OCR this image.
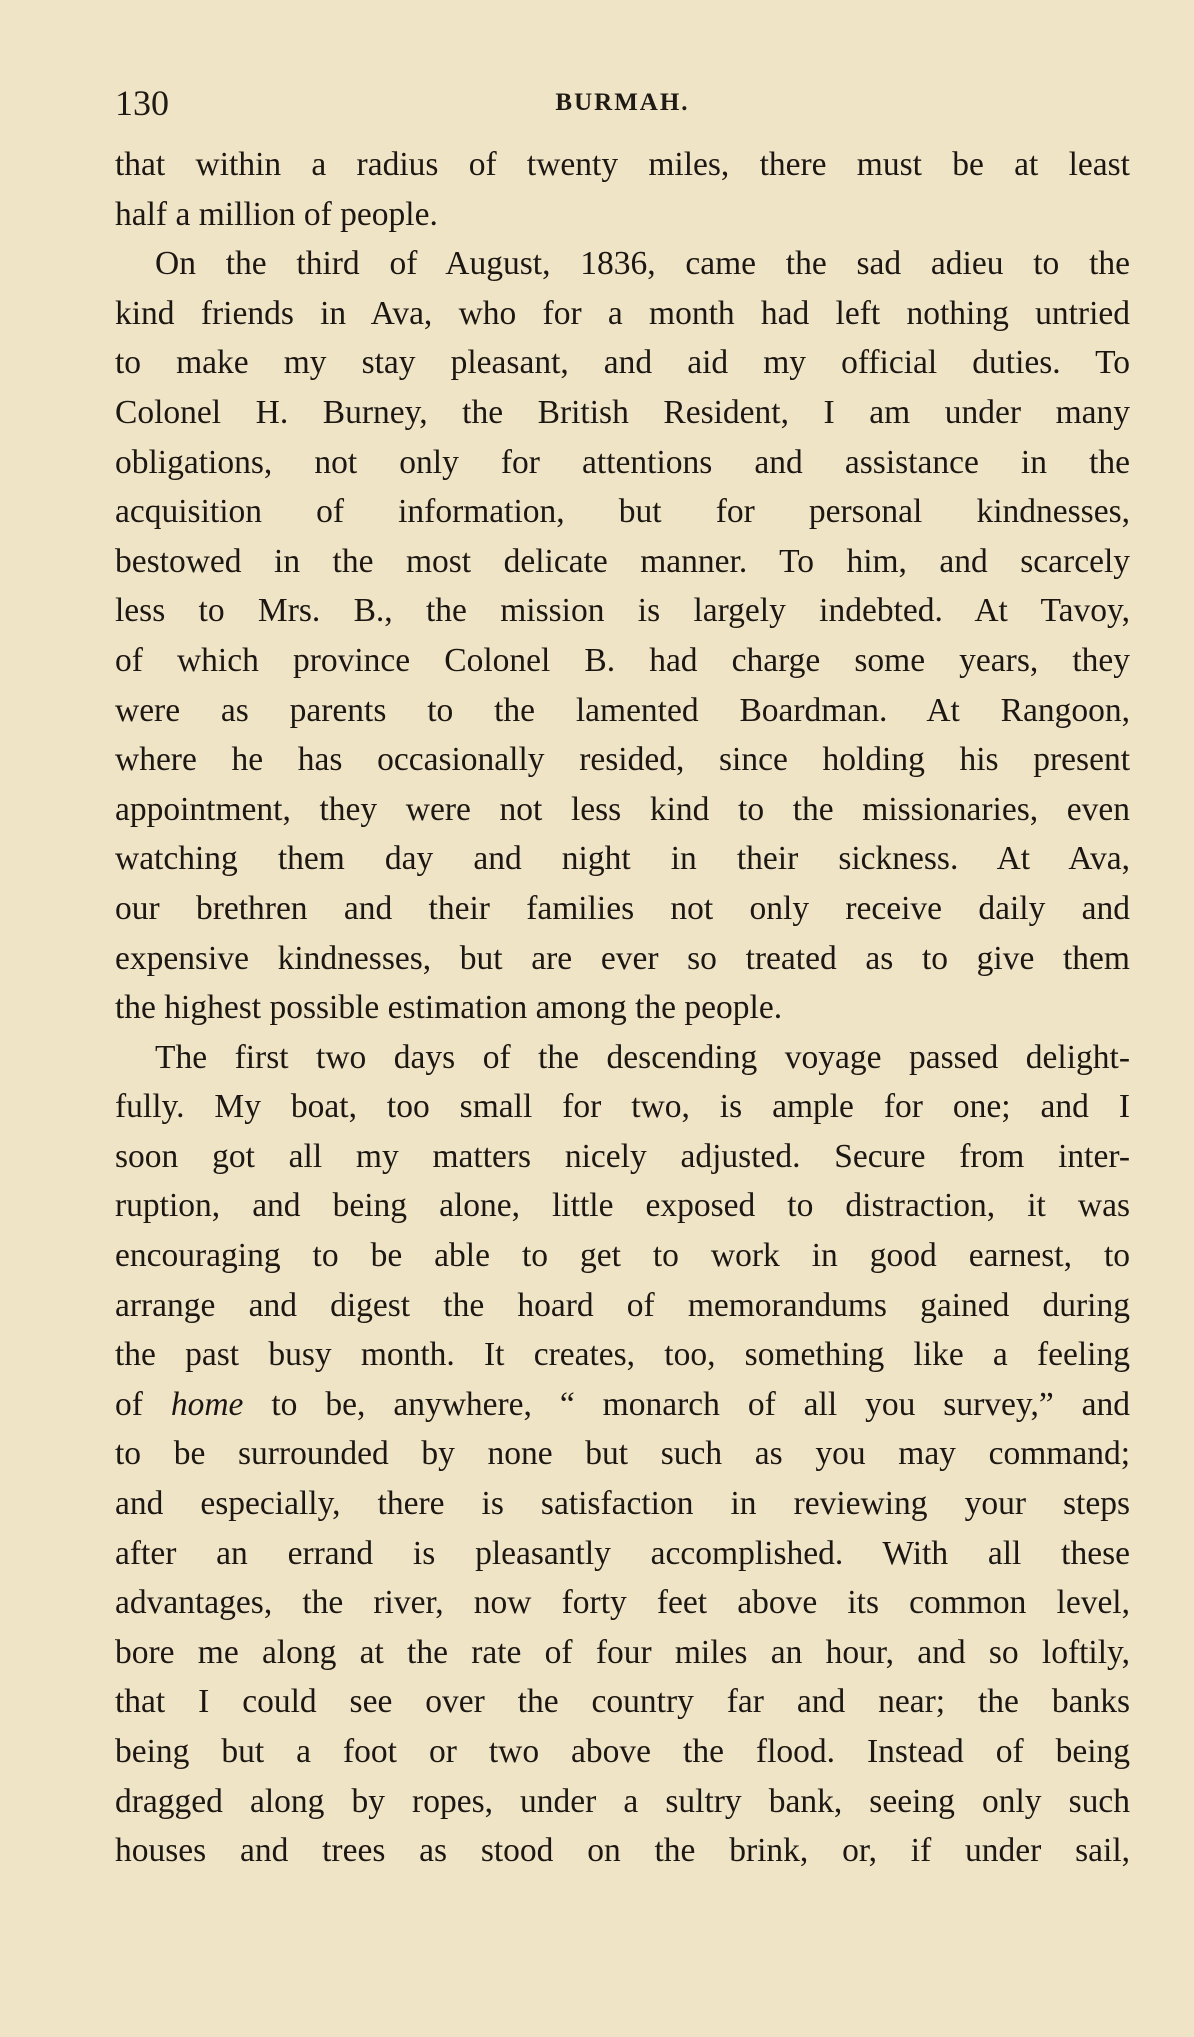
130	BURMAH.
that within a radius of twenty miles, there must be at least
half a million of people.
On the third of August, 1836, came the sad adieu to the
kind friends in Ava, who for a month had left nothing untried
to make my stay pleasant, and aid my official duties. To
Colonel H. Burney, the British Resident, I am under many
obligations, not only for attentions and assistance in the
acquisition of information, but for personal kindnesses,
bestowed in the most delicate manner. To him, and scarcely
less to Mrs. B., the mission is largely indebted. At Tavoy,
of which province Colonel B. had charge some years, they
were as parents to the lamented Boardman. At Rangoon,
where he has occasionally resided, since holding his present
appointment, they were not less kind to the missionaries, even
watching them day and night in their sickness. At Ava,
our brethren and their families not only receive daily and
expensive kindnesses, but are ever so treated as to give them
the highest possible estimation among the people.
The first two days of the descending voyage passed delight-
fully. My boat, too small for two, is ample for one; and I
soon got all my matters nicely adjusted. Secure from inter-
ruption, and being alone, little exposed to distraction, it was
encouraging to be able to get to work in good earnest, to
arrange and digest the hoard of memorandums gained during
the past busy month. It creates, too, something like a feeling
of home to be, anywhere, “ monarch of all you survey,” and
to be surrounded by none but such as you may command;
and especially, there is satisfaction in reviewing your steps
after an errand is pleasantly accomplished. With all these
advantages, the river, now forty feet above its common level,
bore me along at the rate of four miles an hour, and so loftily,
that I could see over the country far and near; the banks
being but a foot or two above the flood. Instead of being
dragged along by ropes, under a sultry bank, seeing only such
houses and trees as stood on the brink, or, if under sail,
